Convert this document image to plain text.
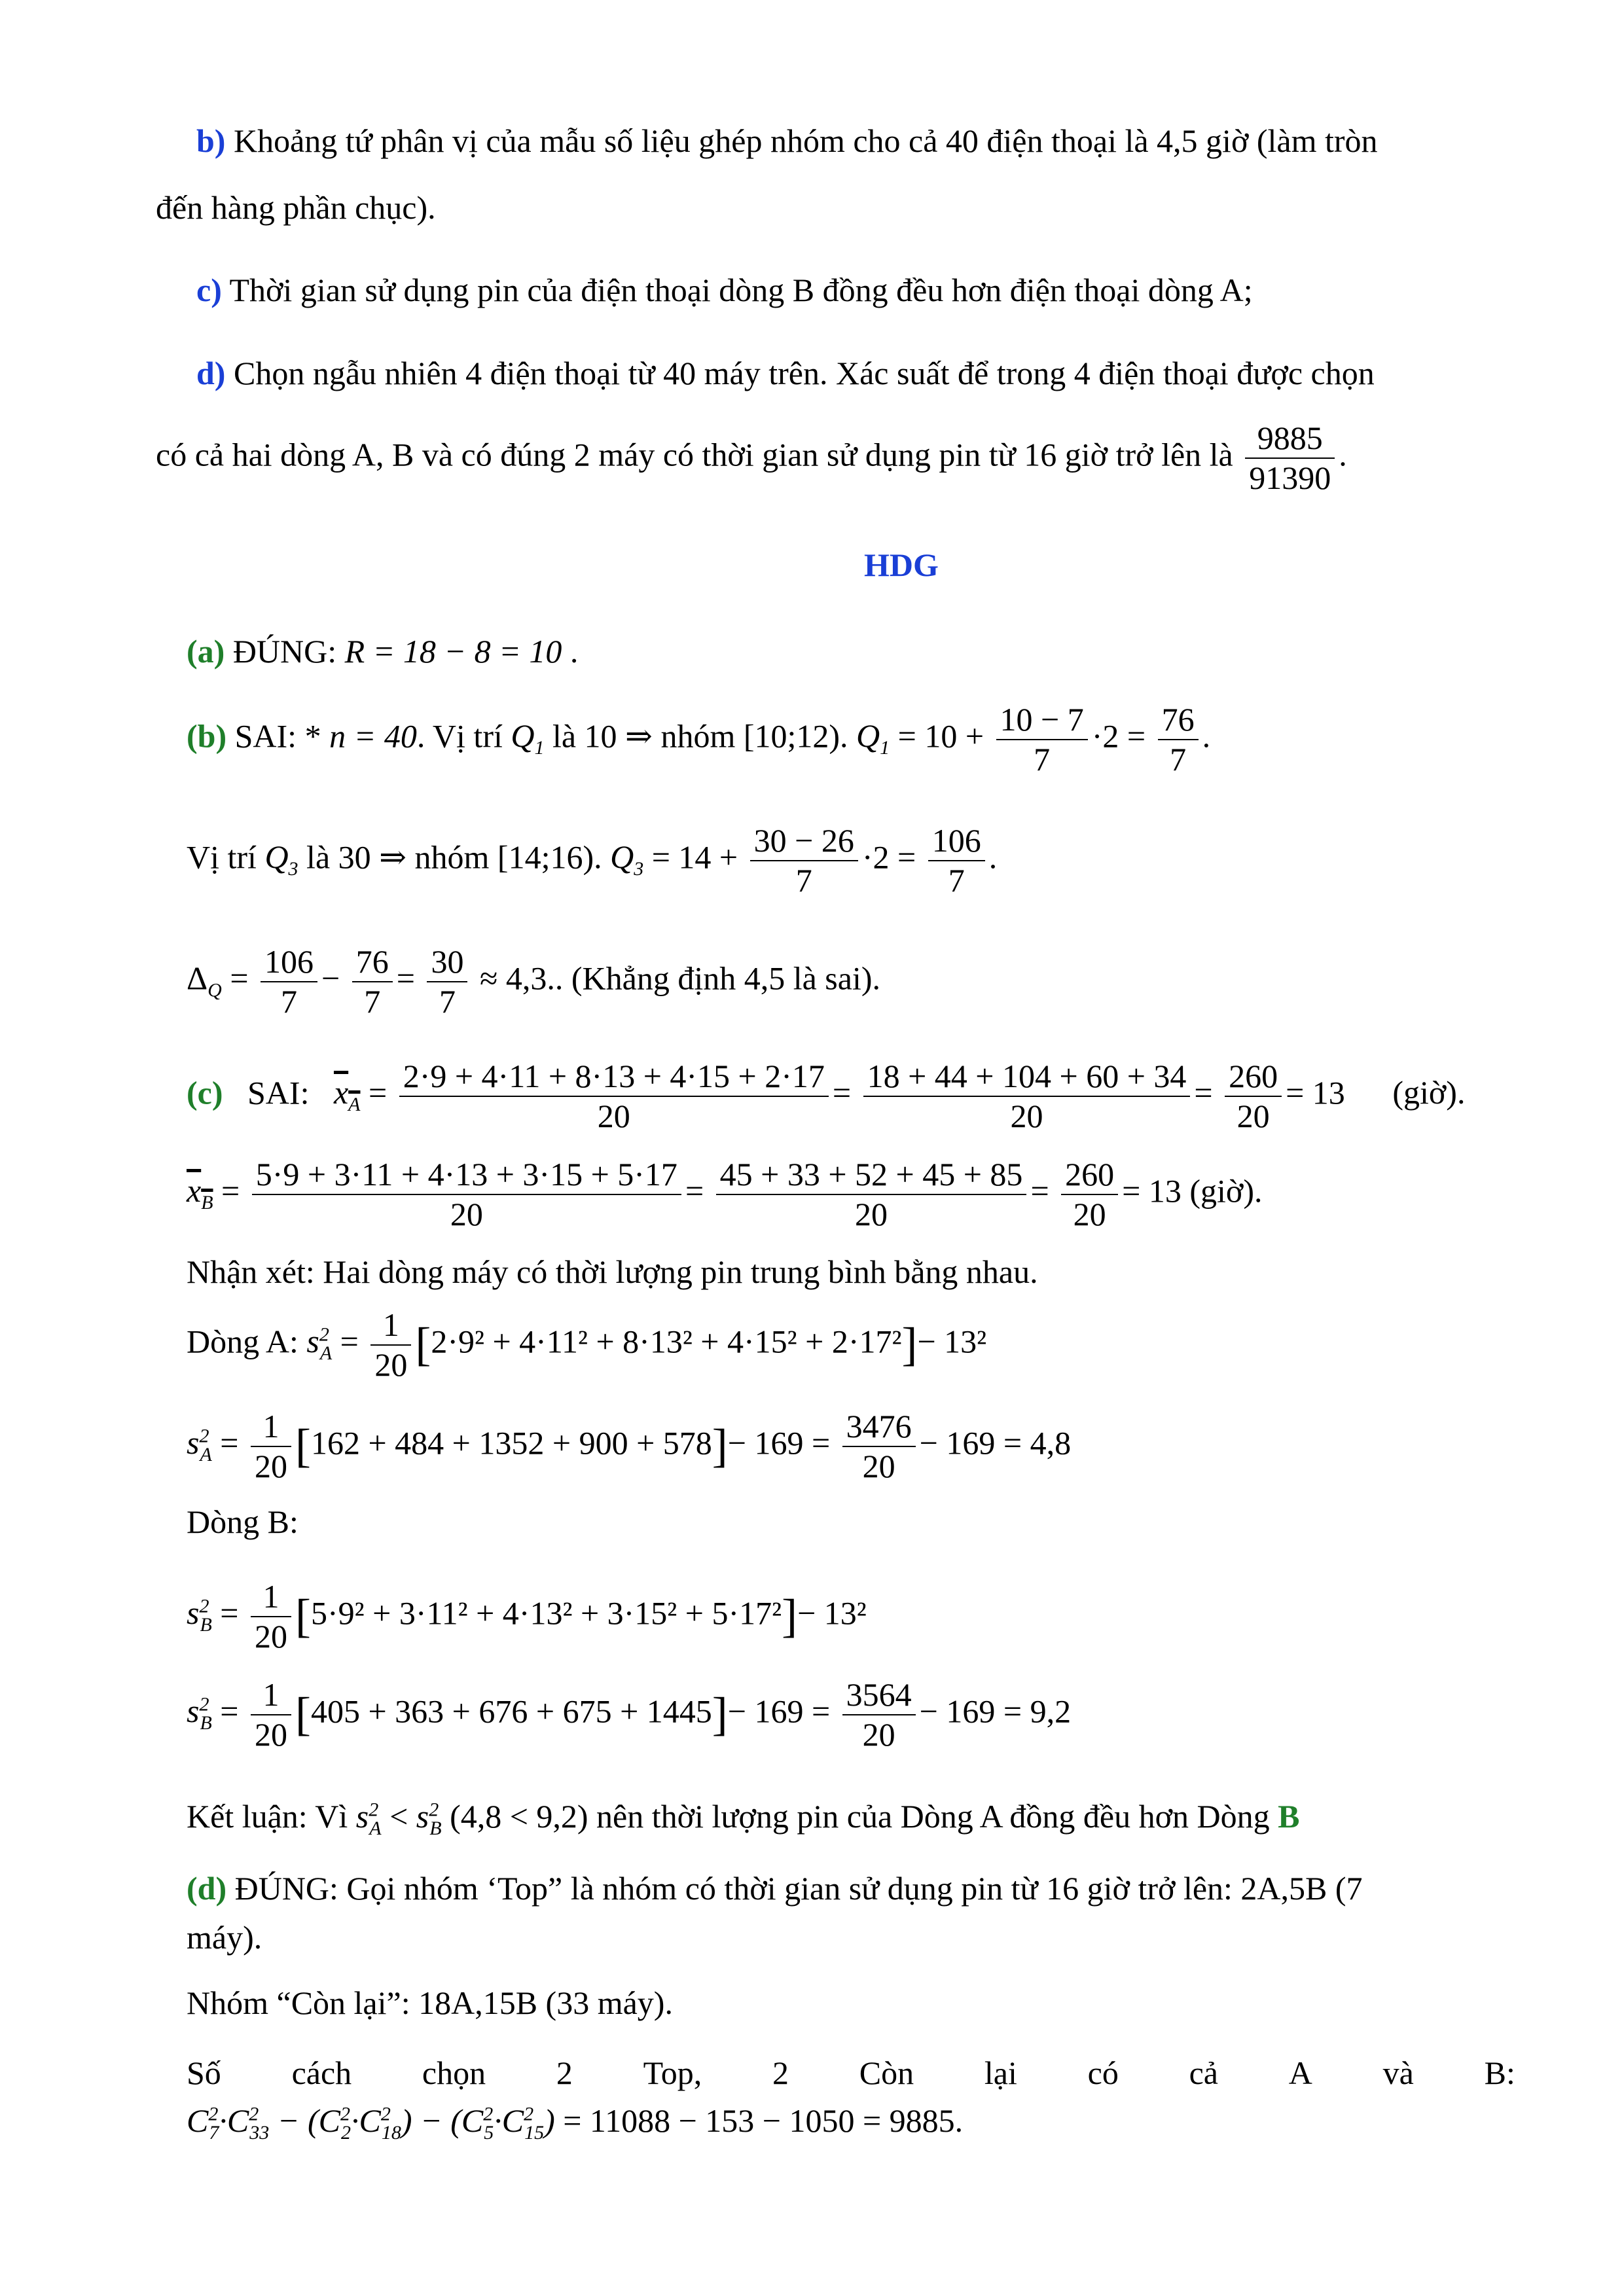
b) Khoảng tứ phân vị của mẫu số liệu ghép nhóm cho cả 40 điện thoại là 4,5 giờ (làm tròn
đến hàng phần chục).
c) Thời gian sử dụng pin của điện thoại dòng B đồng đều hơn điện thoại dòng A;
d) Chọn ngẫu nhiên 4 điện thoại từ 40 máy trên. Xác suất để trong 4 điện thoại được chọn
có cả hai dòng A, B và có đúng 2 máy có thời gian sử dụng pin từ 16 giờ trở lên là $\frac{9885}{91390}$ .
HDG
(a) ĐÚNG: R = 18 − 8 = 10 .
(b) SAI: * n = 40. Vị trí $Q_1$ là 10 ⇒ nhóm [10;12). $Q_1 = 10 + \frac{10 - 7}{7} \cdot 2 = \frac{76}{7}$ .
Vị trí $Q_3$ là 30 ⇒ nhóm [14;16). $Q_3 = 14 + \frac{30 - 26}{7} \cdot 2 = \frac{106}{7}$ .
$\Delta_Q = \frac{106}{7} - \frac{76}{7} = \frac{30}{7} \approx 4,3$.. (Khẳng định 4,5 là sai).
(c) SAI: $x_A = \frac{2\cdot 9 + 4\cdot 11 + 8\cdot 13 + 4\cdot 15 + 2\cdot 17}{20} = \frac{18 + 44 + 104 + 60 + 34}{20} = \frac{260}{20} = 13$ (giờ).
$x_B = \frac{5\cdot 9 + 3\cdot 11 + 4\cdot 13 + 3\cdot 15 + 5\cdot 17}{20} = \frac{45 + 33 + 52 + 45 + 85}{20} = \frac{260}{20} = 13$ (giờ).
Nhận xét: Hai dòng máy có thời lượng pin trung bình bằng nhau.
Dòng A: $s^2_A = \frac{1}{20} [2\cdot 9^2 + 4\cdot 11^2 + 8\cdot 13^2 + 4\cdot 15^2 + 2\cdot 17^2]- 13^2$
$s^2_A = \frac{1}{20} [162 + 484 + 1352 + 900 + 578]- 169 = \frac{3476}{20} - 169 = 4,8$
Dòng B:
$s^2_B = \frac{1}{20} [5\cdot 9^2 + 3\cdot 11^2 + 4\cdot 13^2 + 3\cdot 15^2 + 5\cdot 17^2]- 13^2$
$s^2_B = \frac{1}{20} [405 + 363 + 676 + 675 + 1445]- 169 = \frac{3564}{20} - 169 = 9,2$
Kết luận: Vì $s^2_A < s^2_B$ (4,8 < 9,2) nên thời lượng pin của Dòng A đồng đều hơn Dòng B
(d) ĐÚNG: Gọi nhóm ‘Top” là nhóm có thời gian sử dụng pin từ 16 giờ trở lên: 2A,5B (7
máy).
Nhóm “Còn lại”: 18A,15B (33 máy).
Số cách chọn 2 Top, 2 Còn lại có cả A và B:
$C^2_7\cdot C^2_{33} - (C^2_2\cdot C^2_{18}) - (C^2_5\cdot C^2_{15}) = 11088 - 153 - 1050 = 9885$.
